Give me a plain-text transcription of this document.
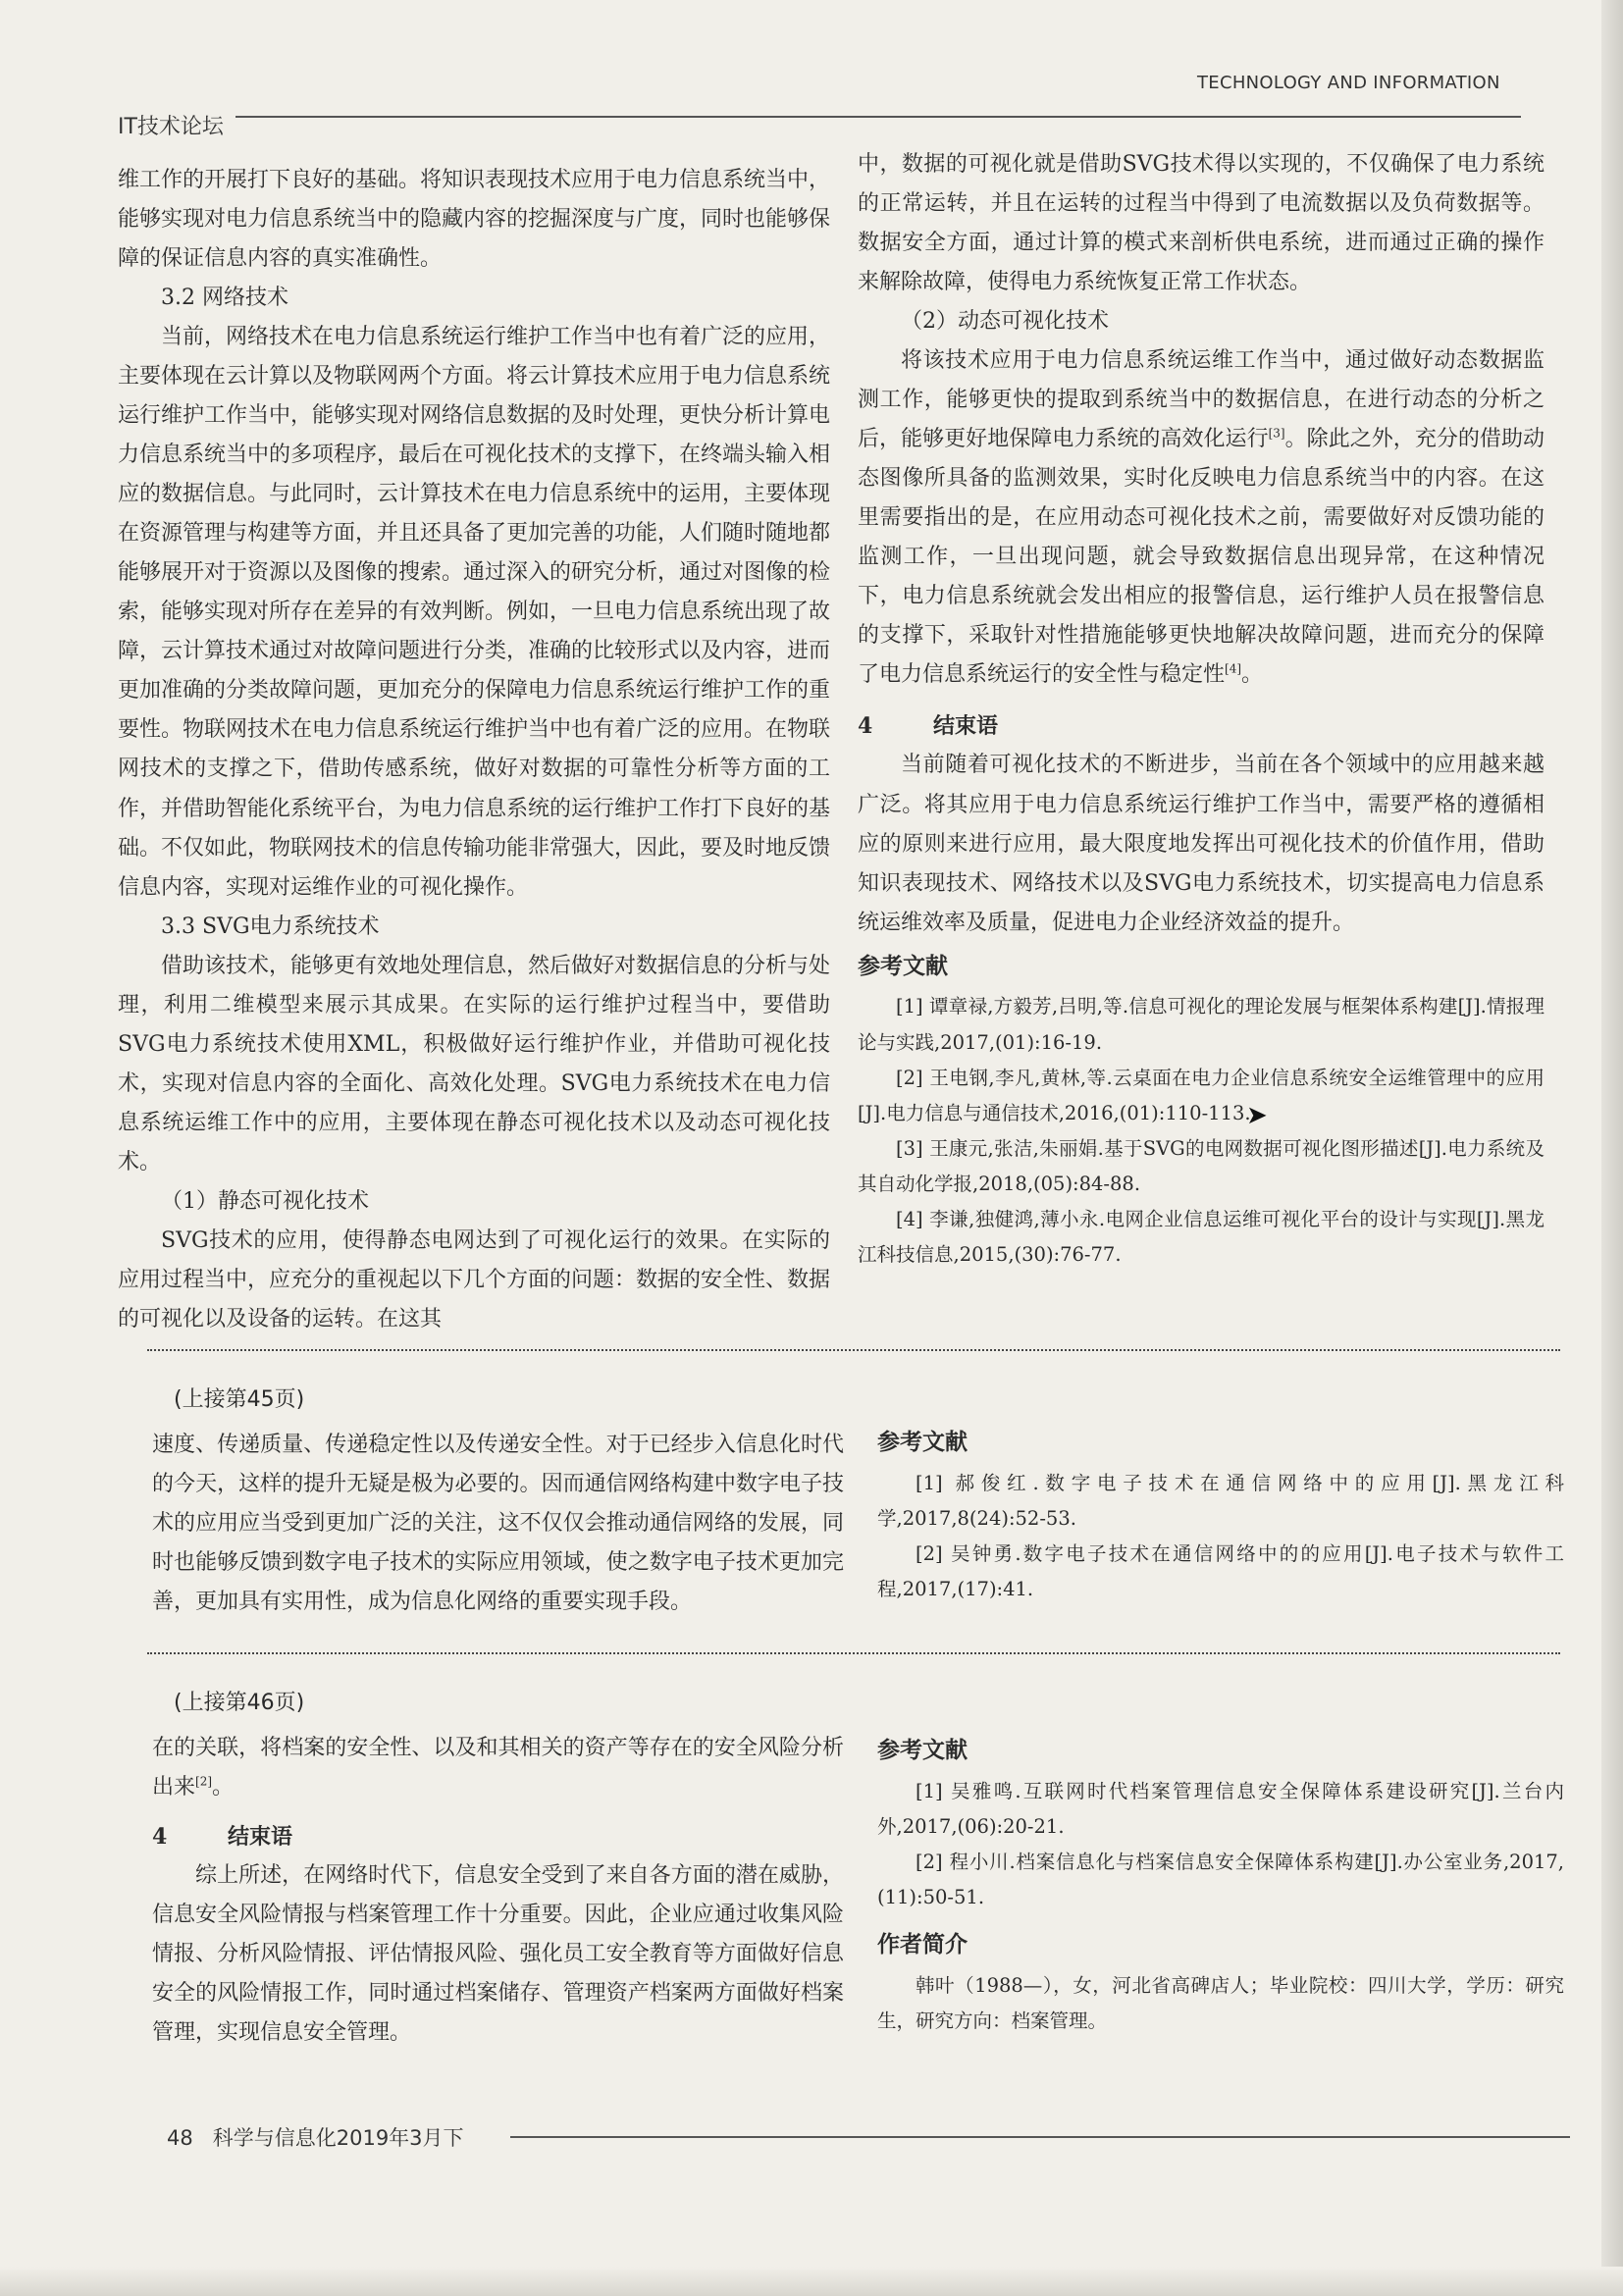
TECHNOLOGY AND INFORMATION
IT技术论坛

维工作的开展打下良好的基础。将知识表现技术应用于电力信息系统当中，能够实现对电力信息系统当中的隐藏内容的挖掘深度与广度，同时也能够保障的保证信息内容的真实准确性。

3.2 网络技术

当前，网络技术在电力信息系统运行维护工作当中也有着广泛的应用，主要体现在云计算以及物联网两个方面。将云计算技术应用于电力信息系统运行维护工作当中，能够实现对网络信息数据的及时处理，更快分析计算电力信息系统当中的多项程序，最后在可视化技术的支撑下，在终端头输入相应的数据信息。与此同时，云计算技术在电力信息系统中的运用，主要体现在资源管理与构建等方面，并且还具备了更加完善的功能，人们随时随地都能够展开对于资源以及图像的搜索。通过深入的研究分析，通过对图像的检索，能够实现对所存在差异的有效判断。例如，一旦电力信息系统出现了故障，云计算技术通过对故障问题进行分类，准确的比较形式以及内容，进而更加准确的分类故障问题，更加充分的保障电力信息系统运行维护工作的重要性。物联网技术在电力信息系统运行维护当中也有着广泛的应用。在物联网技术的支撑之下，借助传感系统，做好对数据的可靠性分析等方面的工作，并借助智能化系统平台，为电力信息系统的运行维护工作打下良好的基础。不仅如此，物联网技术的信息传输功能非常强大，因此，要及时地反馈信息内容，实现对运维作业的可视化操作。

3.3 SVG电力系统技术

借助该技术，能够更有效地处理信息，然后做好对数据信息的分析与处理，利用二维模型来展示其成果。在实际的运行维护过程当中，要借助SVG电力系统技术使用XML，积极做好运行维护作业，并借助可视化技术，实现对信息内容的全面化、高效化处理。SVG电力系统技术在电力信息系统运维工作中的应用，主要体现在静态可视化技术以及动态可视化技术。

（1）静态可视化技术

SVG技术的应用，使得静态电网达到了可视化运行的效果。在实际的应用过程当中，应充分的重视起以下几个方面的问题：数据的安全性、数据的可视化以及设备的运转。在这其

中，数据的可视化就是借助SVG技术得以实现的，不仅确保了电力系统的正常运转，并且在运转的过程当中得到了电流数据以及负荷数据等。数据安全方面，通过计算的模式来剖析供电系统，进而通过正确的操作来解除故障，使得电力系统恢复正常工作状态。

（2）动态可视化技术

将该技术应用于电力信息系统运维工作当中，通过做好动态数据监测工作，能够更快的提取到系统当中的数据信息，在进行动态的分析之后，能够更好地保障电力系统的高效化运行[3]。除此之外，充分的借助动态图像所具备的监测效果，实时化反映电力信息系统当中的内容。在这里需要指出的是，在应用动态可视化技术之前，需要做好对反馈功能的监测工作，一旦出现问题，就会导致数据信息出现异常，在这种情况下，电力信息系统就会发出相应的报警信息，运行维护人员在报警信息的支撑下，采取针对性措施能够更快地解决故障问题，进而充分的保障了电力信息系统运行的安全性与稳定性[4]。

4	结束语

当前随着可视化技术的不断进步，当前在各个领域中的应用越来越广泛。将其应用于电力信息系统运行维护工作当中，需要严格的遵循相应的原则来进行应用，最大限度地发挥出可视化技术的价值作用，借助知识表现技术、网络技术以及SVG电力系统技术，切实提高电力信息系统运维效率及质量，促进电力企业经济效益的提升。

参考文献
[1] 谭章禄,方毅芳,吕明,等.信息可视化的理论发展与框架体系构建[J].情报理论与实践,2017,(01):16-19.
[2] 王电钢,李凡,黄林,等.云桌面在电力企业信息系统安全运维管理中的应用[J].电力信息与通信技术,2016,(01):110-113.
[3] 王康元,张洁,朱丽娟.基于SVG的电网数据可视化图形描述[J].电力系统及其自动化学报,2018,(05):84-88.
[4] 李谦,独健鸿,薄小永.电网企业信息运维可视化平台的设计与实现[J].黑龙江科技信息,2015,(30):76-77.
➤
(上接第45页)

速度、传递质量、传递稳定性以及传递安全性。对于已经步入信息化时代的今天，这样的提升无疑是极为必要的。因而通信网络构建中数字电子技术的应用应当受到更加广泛的关注，这不仅仅会推动通信网络的发展，同时也能够反馈到数字电子技术的实际应用领域，使之数字电子技术更加完善，更加具有实用性，成为信息化网络的重要实现手段。

参考文献
[1] 郝俊红.数字电子技术在通信网络中的应用[J].黑龙江科学,2017,8(24):52-53.
[2] 吴钟勇.数字电子技术在通信网络中的的应用[J].电子技术与软件工程,2017,(17):41.
(上接第46页)

在的关联，将档案的安全性、以及和其相关的资产等存在的安全风险分析出来[2]。

4	结束语

综上所述，在网络时代下，信息安全受到了来自各方面的潜在威胁，信息安全风险情报与档案管理工作十分重要。因此，企业应通过收集风险情报、分析风险情报、评估情报风险、强化员工安全教育等方面做好信息安全的风险情报工作，同时通过档案储存、管理资产档案两方面做好档案管理，实现信息安全管理。

参考文献
[1] 吴雅鸣.互联网时代档案管理信息安全保障体系建设研究[J].兰台内外,2017,(06):20-21.
[2] 程小川.档案信息化与档案信息安全保障体系构建[J].办公室业务,2017,(11):50-51.
作者简介
韩叶（1988—），女，河北省高碑店人；毕业院校：四川大学，学历：研究生，研究方向：档案管理。
48 科学与信息化2019年3月下
